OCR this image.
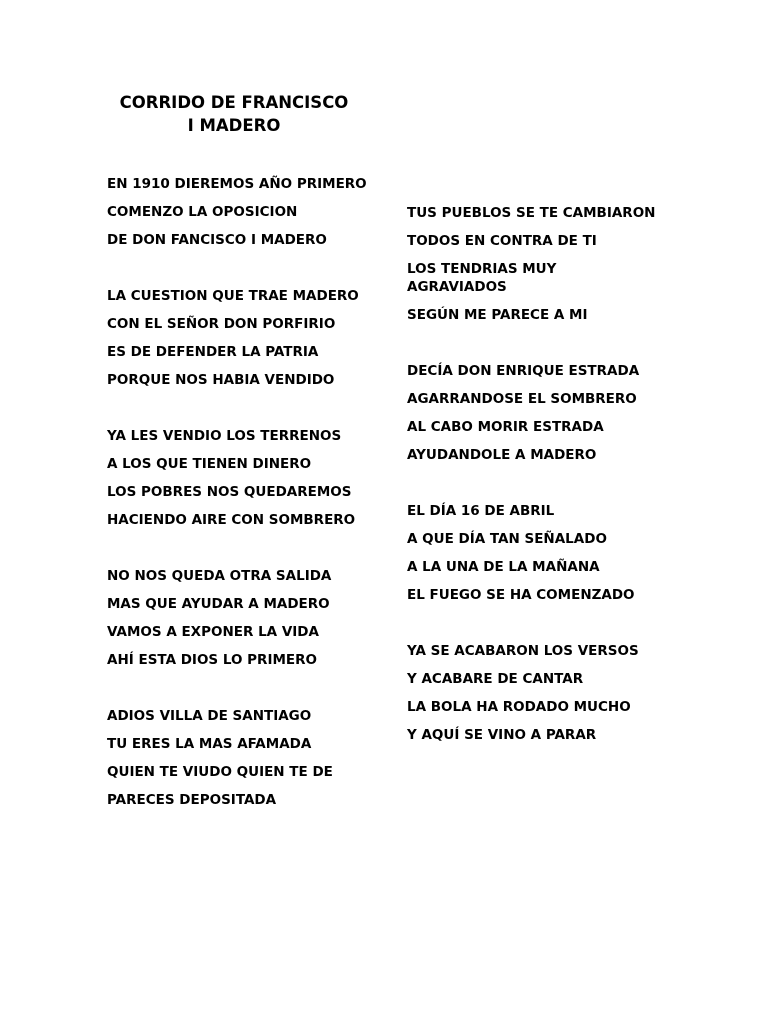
CORRIDO DE FRANCISCO
I MADERO
EN 1910 DIEREMOS AÑO PRIMERO
COMENZO LA OPOSICION
DE DON FANCISCO I MADERO
LA CUESTION QUE TRAE MADERO
CON EL SEÑOR DON PORFIRIO
ES DE DEFENDER LA PATRIA
PORQUE NOS HABIA VENDIDO
YA LES VENDIO LOS TERRENOS
A LOS QUE TIENEN DINERO
LOS POBRES NOS QUEDAREMOS
HACIENDO AIRE CON SOMBRERO
NO NOS QUEDA OTRA SALIDA
MAS QUE AYUDAR A MADERO
VAMOS A EXPONER LA VIDA
AHÍ ESTA DIOS LO PRIMERO
ADIOS VILLA DE SANTIAGO
TU ERES LA MAS AFAMADA
QUIEN TE VIUDO QUIEN TE DE
PARECES DEPOSITADA
TUS PUEBLOS SE TE CAMBIARON
TODOS EN CONTRA DE TI
LOS TENDRIAS MUY AGRAVIADOS
SEGÚN ME PARECE A MI
DECÍA DON ENRIQUE ESTRADA
AGARRANDOSE EL SOMBRERO
AL CABO MORIR ESTRADA
AYUDANDOLE A MADERO
EL DÍA 16 DE ABRIL
A QUE DÍA TAN SEÑALADO
A LA UNA DE LA MAÑANA
EL FUEGO SE HA COMENZADO
YA SE ACABARON LOS VERSOS
Y ACABARE DE CANTAR
LA BOLA HA RODADO MUCHO
Y AQUÍ SE VINO A PARAR
